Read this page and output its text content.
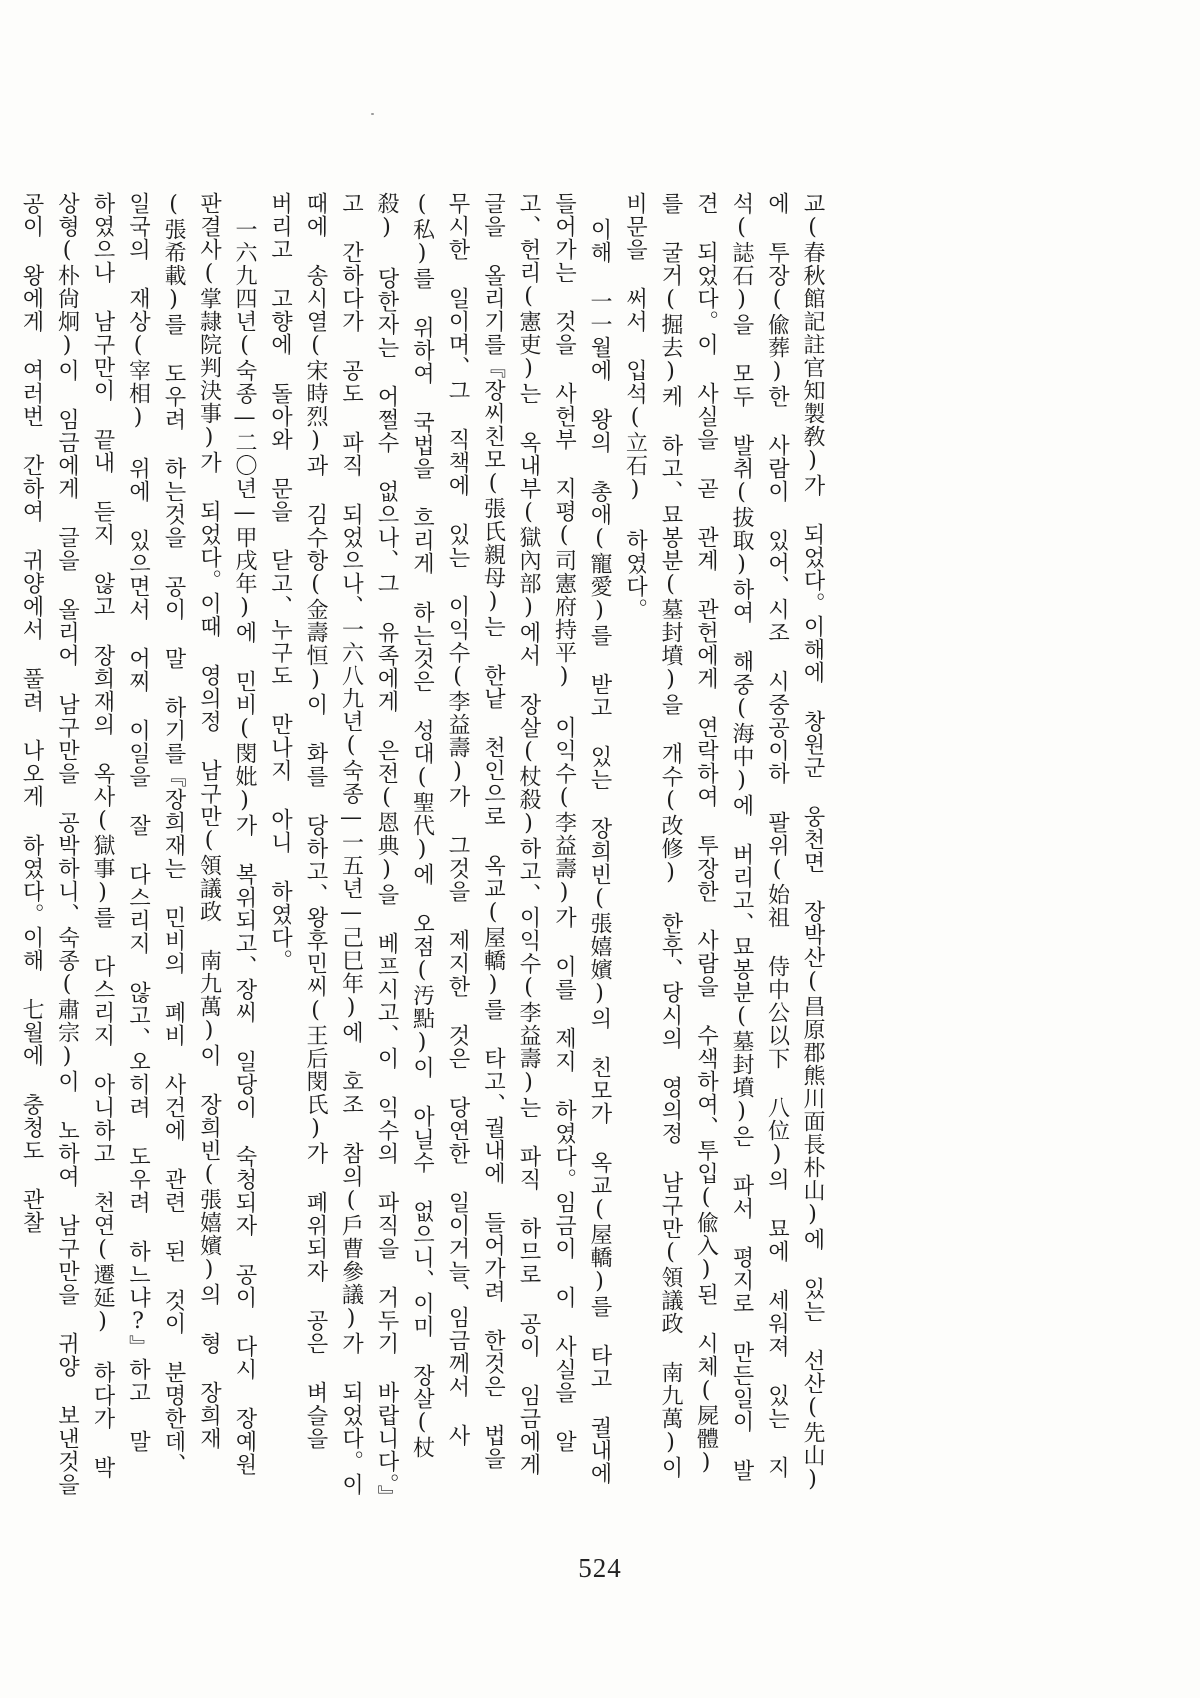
교(春秋館記註官知製敎)가 되었다。이해에 창원군 웅천면 장박산(昌原郡熊川面長朴山)에 있는 선산(先山)에 투장(偸葬)한 사람이 있어、시조 시중공이하 팔위(始祖 侍中公以下 八位)의 묘에 세워져 있는 지석(誌石)을 모두 발취(拔取)하여 해중(海中)에 버리고、묘봉분(墓封墳)은 파서 평지로 만든일이 발견 되었다。이 사실을 곧 관계 관헌에게 연락하여 투장한 사람을 수색하여、투입(偸入)된 시체(屍體)를 굴거(掘去)케 하고、묘봉분(墓封墳)을 개수(改修) 한후、당시의 영의정 남구만(領議政 南九萬)이 비문을 써서 입석(立石) 하였다。

이해 一一월에 왕의 총애(寵愛)를 받고 있는 장희빈(張嬉嬪)의 친모가 옥교(屋轎)를 타고 궐내에 들어가는 것을 사헌부 지평(司憲府持平) 이익수(李益壽)가 이를 제지 하였다。임금이 이 사실을 알고、헌리(憲吏)는 옥내부(獄內部)에서 장살(杖殺)하고、이익수(李益壽)는 파직 하므로 공이 임금에게 글을 올리기를『장씨친모(張氏親母)는 한낱 천인으로 옥교(屋轎)를 타고、궐내에 들어가려 한것은 법을 무시한 일이며、그 직책에 있는 이익수(李益壽)가 그것을 제지한 것은 당연한 일이거늘、임금께서 사(私)를 위하여 국법을 흐리게 하는것은 성대(聖代)에 오점(汚點)이 아닐수 없으니、이미 장살(杖殺) 당한자는 어쩔수 없으나、그 유족에게 은전(恩典)을 베프시고、이 익수의 파직을 거두기 바랍니다。』고 간하다가 공도 파직 되었으나、一六八九년(숙종—一五년—己巳年)에 호조 참의(戶曹參議)가 되었다。이때에 송시열(宋時烈)과 김수항(金壽恒)이 화를 당하고、왕후민씨(王后閔氏)가 폐위되자 공은 벼슬을 버리고 고향에 돌아와 문을 닫고、누구도 만나지 아니 하였다。

一六九四년(숙종—二〇년—甲戌年)에 민비(閔妣)가 복위되고、장씨 일당이 숙청되자 공이 다시 장예원 판결사(掌隷院判決事)가 되었다。이때 영의정 남구만(領議政 南九萬)이 장희빈(張嬉嬪)의 형 장희재(張希載)를 도우려 하는것을 공이 말 하기를『장희재는 민비의 폐비 사건에 관련 된 것이 분명한데、일국의 재상(宰相) 위에 있으면서 어찌 이일을 잘 다스리지 않고、오히려 도우려 하느냐?』하고 말 하였으나 남구만이 끝내 듣지 않고 장희재의 옥사(獄事)를 다스리지 아니하고 천연(遷延) 하다가 박상형(朴尙炯)이 임금에게 글을 올리어 남구만을 공박하니、숙종(肅宗)이 노하여 남구만을 귀양 보낸것을 공이 왕에게 여러번 간하여 귀양에서 풀려 나오게 하였다。이해 七월에 충청도 관찰

524
